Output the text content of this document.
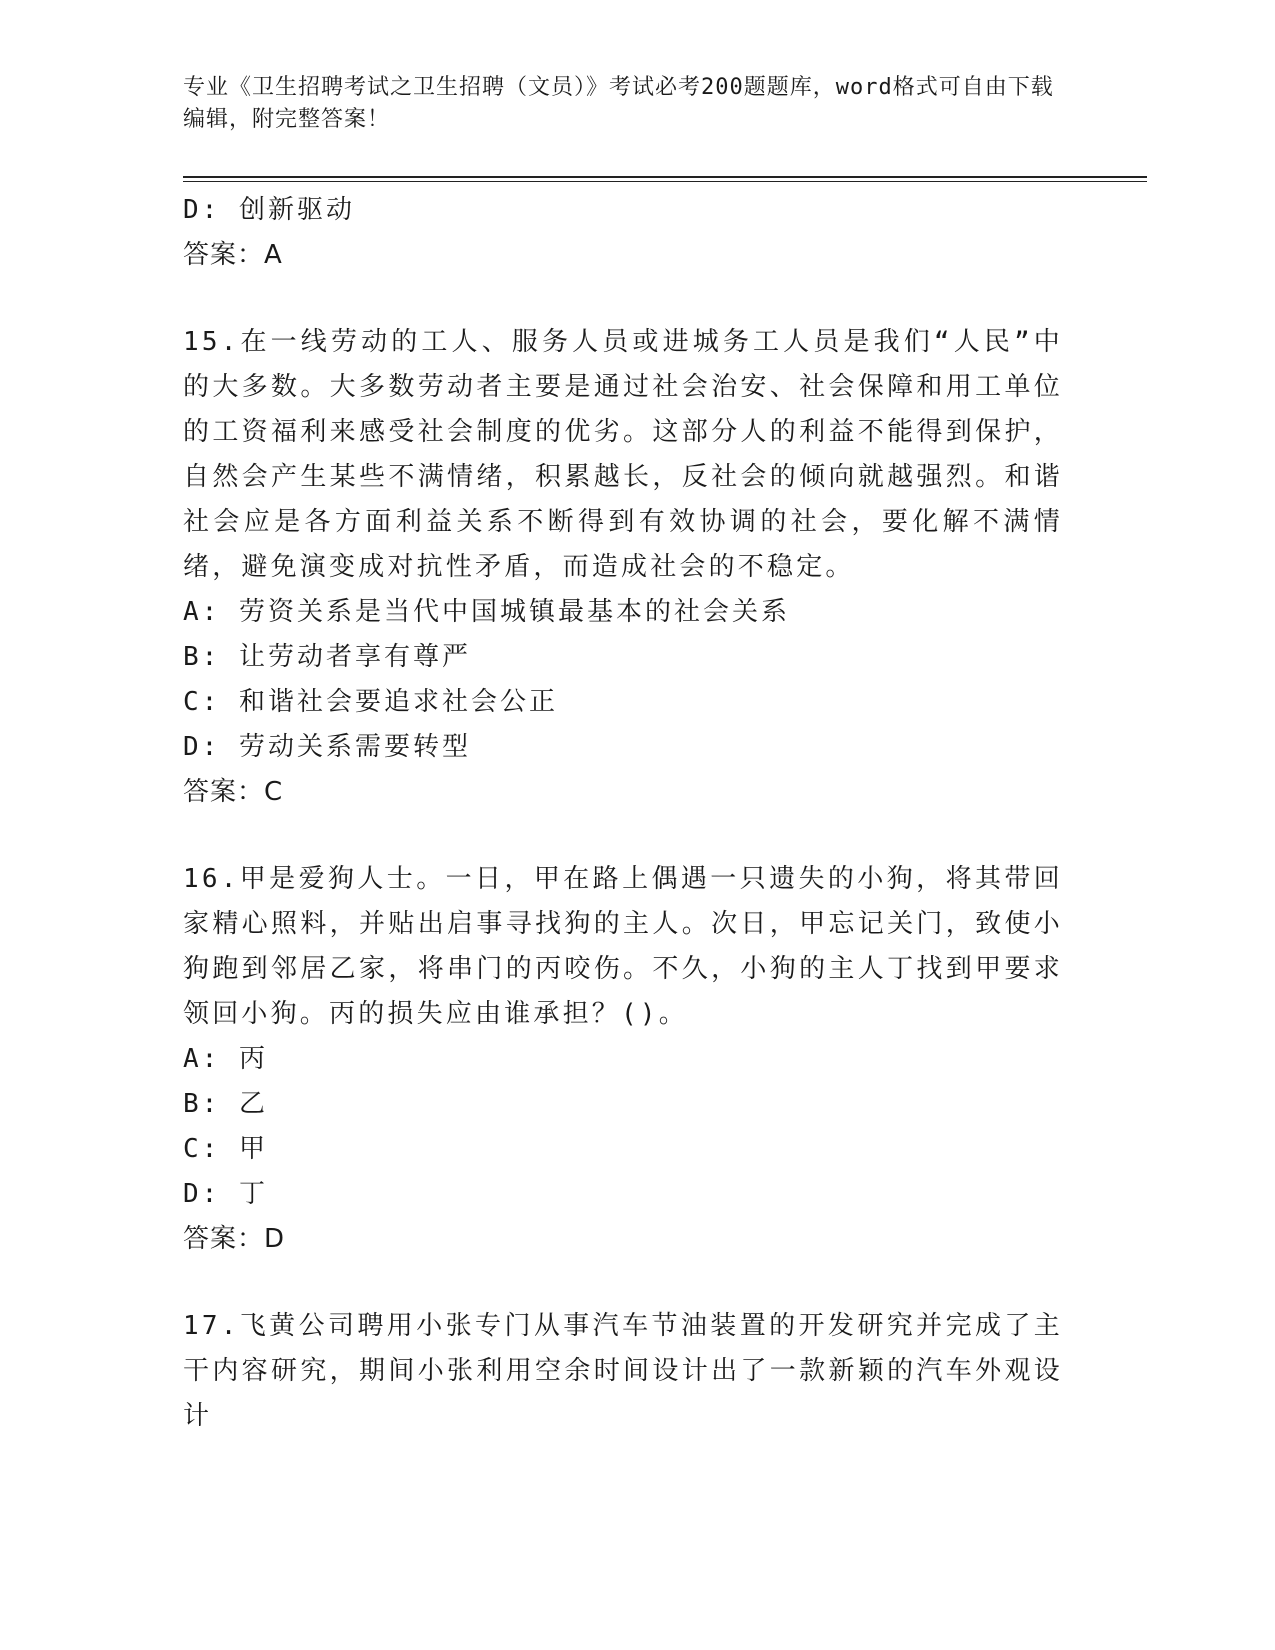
专业《卫生招聘考试之卫生招聘（文员）》考试必考200题题库，word格式可自由下载编辑，附完整答案！

D: 创新驱动

答案：A

15.在一线劳动的工人、服务人员或进城务工人员是我们“人民”中的大多数。大多数劳动者主要是通过社会治安、社会保障和用工单位的工资福利来感受社会制度的优劣。这部分人的利益不能得到保护，自然会产生某些不满情绪，积累越长，反社会的倾向就越强烈。和谐社会应是各方面利益关系不断得到有效协调的社会，要化解不满情绪，避免演变成对抗性矛盾，而造成社会的不稳定。

A: 劳资关系是当代中国城镇最基本的社会关系

B: 让劳动者享有尊严

C: 和谐社会要追求社会公正

D: 劳动关系需要转型

答案：C

16.甲是爱狗人士。一日，甲在路上偶遇一只遗失的小狗，将其带回家精心照料，并贴出启事寻找狗的主人。次日，甲忘记关门，致使小狗跑到邻居乙家，将串门的丙咬伤。不久，小狗的主人丁找到甲要求领回小狗。丙的损失应由谁承担？()。

A: 丙

B: 乙

C: 甲

D: 丁

答案：D

17.飞黄公司聘用小张专门从事汽车节油装置的开发研究并完成了主干内容研究，期间小张利用空余时间设计出了一款新颖的汽车外观设计
